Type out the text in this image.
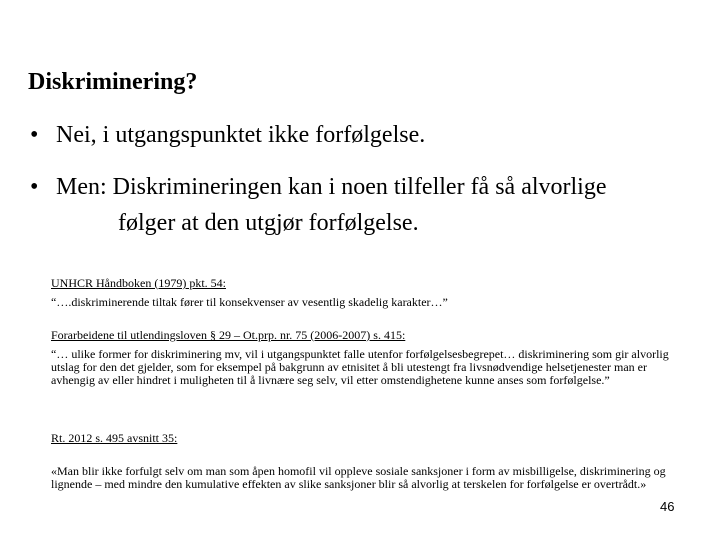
Diskriminering?
• Nei, i utgangspunktet ikke forfølgelse.
• Men: Diskrimineringen kan i noen tilfeller få så alvorlige
følger at den utgjør forfølgelse.
UNHCR Håndboken (1979) pkt. 54:
“….diskriminerende tiltak fører til konsekvenser av vesentlig skadelig karakter…”
Forarbeidene til utlendingsloven § 29 – Ot.prp. nr. 75 (2006-2007) s. 415:
“… ulike former for diskriminering mv, vil i utgangspunktet falle utenfor forfølgelsesbegrepet… diskriminering som gir alvorlig utslag for den det gjelder, som for eksempel på bakgrunn av etnisitet å bli utestengt fra livsnødvendige helsetjenester man er avhengig av eller hindret i muligheten til å livnære seg selv, vil etter omstendighetene kunne anses som forfølgelse.”
Rt. 2012 s. 495 avsnitt 35:
«Man blir ikke forfulgt selv om man som åpen homofil vil oppleve sosiale sanksjoner i form av misbilligelse, diskriminering og lignende – med mindre den kumulative effekten av slike sanksjoner blir så alvorlig at terskelen for forfølgelse er overtrådt.»
46
